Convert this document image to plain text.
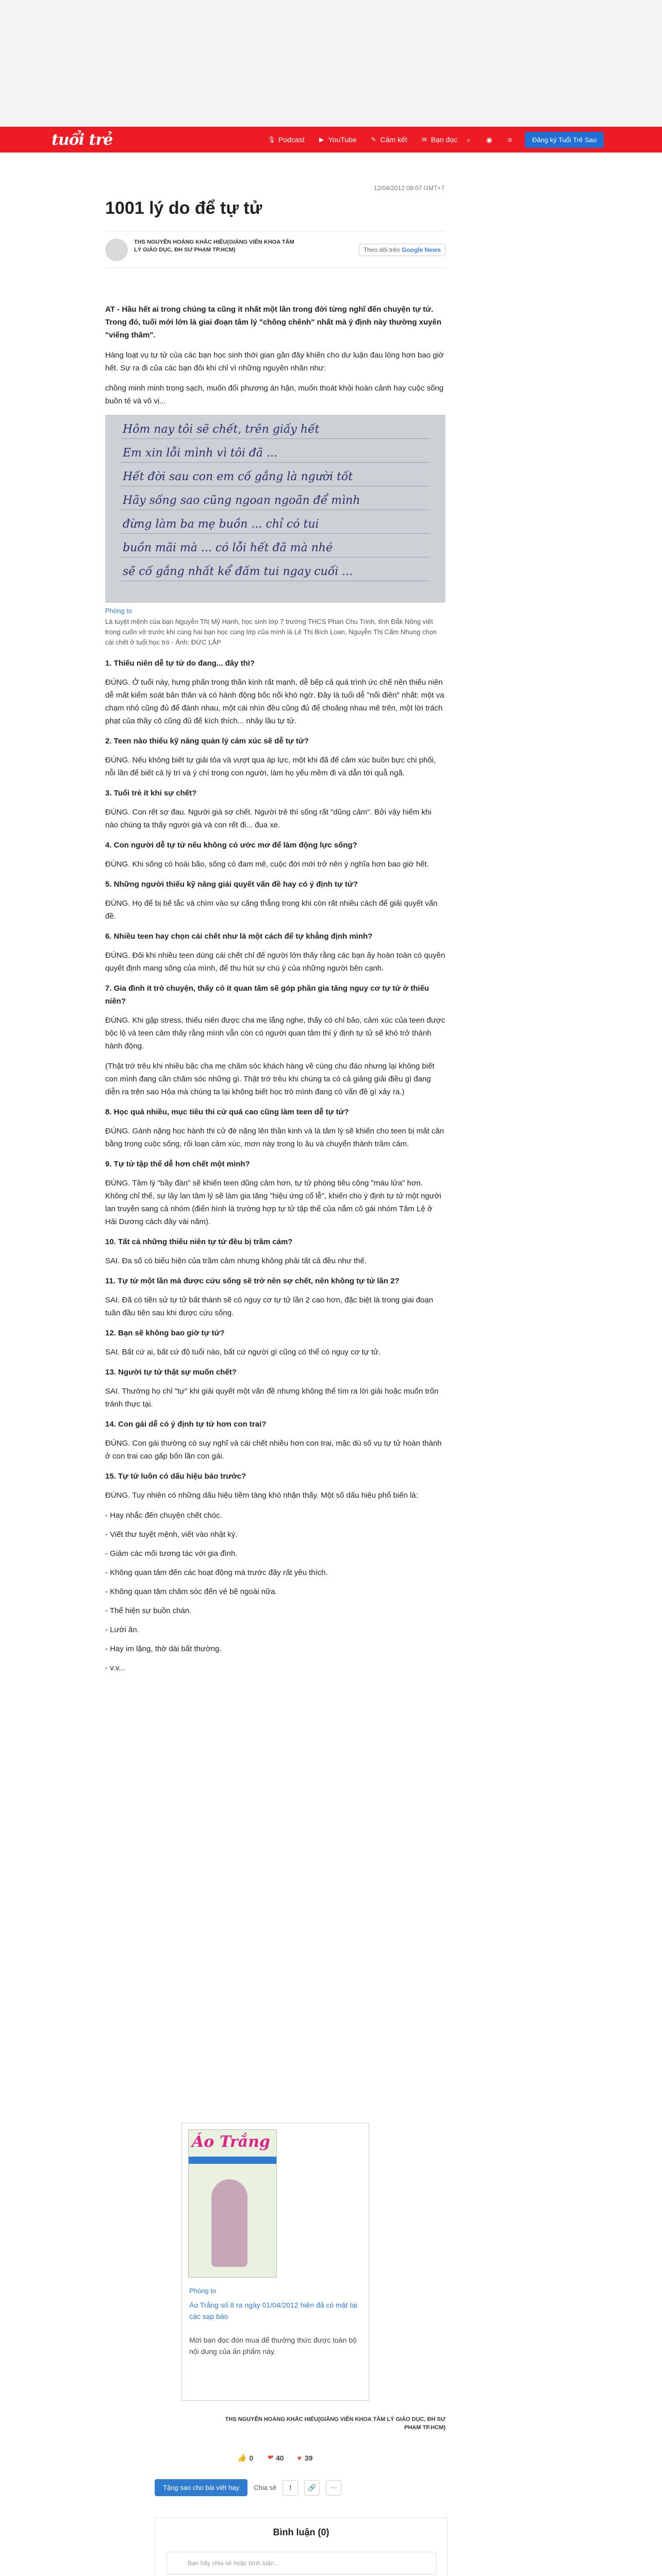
tuổi trẻ	🎙 Podcast ▶ YouTube ✎ Cảm kết ✉ Bạn đọc	⌕	◉	≡	Đăng ký Tuổi Trẻ Sao
12/04/2012 08:07 GMT+7
1001 lý do để tự tử
THS NGUYỄN HOÀNG KHẮC HIẾU(GIẢNG VIÊN KHOA TÂM LÝ GIÁO DỤC, ĐH SƯ PHẠM TP.HCM)	Theo dõi trên Google News

AT - Hầu hết ai trong chúng ta cũng ít nhất một lần trong đời từng nghĩ đến chuyện tự tử. Trong đó, tuổi mới lớn là giai đoạn tâm lý "chông chênh" nhất mà ý định này thường xuyên "viếng thăm".

Hàng loạt vụ tự tử của các bạn học sinh thời gian gần đây khiến cho dư luận đau lòng hơn bao giờ hết. Sự ra đi của các bạn đôi khi chỉ vì những nguyên nhân như:

chồng minh minh trong sạch, muốn đổi phương án hận, muốn thoát khỏi hoàn cảnh hay cuộc sống buồn tẻ và vô vị...

Hôm nay tôi sẽ chết, trên giấy hết
Em xin lỗi mình vì tôi đã ...
Hết đời sau con em cố gắng là người tốt
Hãy sống sao cũng ngoan ngoãn để mình
đừng làm ba mẹ buồn ... chỉ có tui
buồn mãi mà ... có lỗi hết đã mà nhé
sẽ cố gắng nhất kể đấm tui ngay cuối ...
Phóng to

Lá tuyệt mệnh của bạn Nguyễn Thị Mỹ Hạnh, học sinh lớp 7 trường THCS Phan Chu Trinh, tỉnh Đắk Nông viết trong cuốn vở trước khi cùng hai bạn học cùng lớp của mình là Lê Thị Bích Loan, Nguyễn Thị Cẩm Nhung chọn cái chết ở tuổi học trò - Ảnh: ĐỨC LẬP

1. Thiếu niên dễ tự tử do đang... đây thì?

ĐÚNG. Ở tuổi này, hưng phấn trong thần kinh rất mạnh, dễ bếp cả quá trình ức chế nên thiếu niên dễ mất kiểm soát bản thân và có hành động bốc nổi khó ngờ. Đây là tuổi dễ "nổi điên" nhất: một va chạm nhỏ cũng đủ để đánh nhau, một cái nhìn đều cũng đủ để choảng nhau mê trên, một lời trách phạt của thầy cô cũng đủ để kích thích... nhảy lầu tự tử.

2. Teen nào thiếu kỹ năng quản lý cảm xúc sẽ dễ tự tử?

ĐÚNG. Nếu không biết tự giải tỏa và vượt qua áp lực, một khi đã để cảm xúc buồn bực chi phối, nỗi lần để biết cả lý trí và ý chí trong con người, làm họ yếu mềm đi và dẫn tới quẫ ngã.

3. Tuổi trẻ ít khi sự chết?

ĐÚNG. Con rết sợ đau. Người già sợ chết. Người trẻ thì sống rất "dũng cảm". Bởi vậy hiếm khi nào chúng ta thấy người già và con rết đi... đua xe.

4. Con người dễ tự tử nếu không có ước mơ để làm động lực sống?

ĐÚNG. Khi sống có hoài bão, sống có đam mê, cuộc đời mới trở nên ý nghĩa hơn bao giờ hết.

5. Những người thiếu kỹ năng giải quyết vấn đề hay có ý định tự tử?

ĐÚNG. Họ để bị bế tắc và chìm vào sự căng thẳng trong khi còn rất nhiều cách để giải quyết vấn đề.

6. Nhiều teen hay chọn cái chết như là một cách để tự khẳng định mình?

ĐÚNG. Đôi khi nhiều teen dùng cái chết chỉ để người lớn thấy rằng các bạn ấy hoàn toàn có quyền quyết định mang sống của mình, để thu hút sự chú ý của những người bên cạnh.

7. Gia đình ít trò chuyện, thấy có ít quan tâm sẽ góp phần gia tăng nguy cơ tự tử ở thiếu niên?

ĐÚNG. Khi gặp stress, thiếu niên được cha mẹ lắng nghe, thấy có chỉ bảo, cảm xúc của teen được bộc lộ và teen cảm thấy rằng mình vẫn còn có người quan tâm thì ý định tự tử sẽ khó trở thành hành động.

(Thật trớ trêu khi nhiều bậc cha mẹ chăm sóc khách hàng về cùng chu đáo nhưng lại không biết con mình đang cần chăm sóc những gì. Thật trớ trêu khi chúng ta có cả giảng giải điều gì đang diễn ra trên sao Hỏa mà chúng ta lại không biết học trò mình đang có vấn đề gì xảy ra.)

8. Học quá nhiều, mục tiêu thi cử quá cao cũng làm teen dễ tự tử?

ĐÚNG. Gánh nặng học hành thi cử đè nặng lên thần kinh và là tâm lý sẽ khiến cho teen bị mất cân bằng trong cuộc sống, rối loạn cảm xúc, mơn này trong lo âu và chuyển thành trầm cảm.

9. Tự tử tập thể dễ hơn chết một mình?

ĐÚNG. Tâm lý "bầy đàn" sẽ khiến teen dũng cảm hơn, tự tử phóng tiêu cộng "máu lửa" hơn. Không chỉ thế, sự lây lan tâm lý sẽ làm gia tăng "hiệu ứng cổ lễ", khiến cho ý định tự tử một người lan truyền sang cả nhóm (điển hình là trường hợp tự tử tập thể của nắm cô gái nhóm Tâm Lệ ở Hải Dương cách đây vài năm).

10. Tất cả những thiếu niên tự tử đều bị trầm cảm?

SAI. Đa số có biểu hiện của trầm cảm nhưng không phải tất cả đều như thế.

11. Tự tử một lần mà được cứu sống sẽ trở nên sợ chết, nên không tự tử lần 2?

SAI. Đã có tiền sử tự tử bất thành sẽ có nguy cơ tự tử lần 2 cao hơn, đặc biệt là trong giai đoạn tuần đầu tiên sau khi được cứu sống.

12. Bạn sẽ không bao giờ tự tử?

SAI. Bất cứ ai, bất cứ độ tuổi nào, bất cứ người gì cũng có thể có nguy cơ tự tử.

13. Người tự tử thật sự muốn chết?

SAI. Thường họ chỉ "tự" khi giải quyết một vấn đề nhưng không thể tìm ra lời giải hoặc muốn trốn tránh thực tại.

14. Con gái dễ có ý định tự tử hơn con trai?

ĐÚNG. Con gái thường có suy nghĩ và cái chết nhiều hơn con trai, mặc dù số vụ tự tử hoàn thành ở con trai cao gấp bốn lần con gái.

15. Tự tử luôn có dấu hiệu báo trước?

ĐÚNG. Tuy nhiên có những dấu hiệu tiềm tàng khó nhận thấy. Một số dấu hiệu phổ biến là:

- Hay nhắc đến chuyện chết chóc.
- Viết thư tuyệt mệnh, viết vào nhật ký.
- Giảm các mối tương tác với gia đình.
- Không quan tâm đến các hoạt động mà trước đây rất yêu thích.
- Không quan tâm chăm sóc đến vẻ bề ngoài nữa.
- Thể hiện sự buồn chán.
- Lười ăn.
- Hay im lặng, thờ dài bất thường.
- v.v...
Áo Trắng
Phóng to
Áo Trắng số 8 ra ngày 01/04/2012 hiện đã có mặt tại các sạp báo
Mời bạn đọc đón mua để thưởng thức được toàn bộ nội dung của ấn phẩm này.
THS NGUYỄN HOÀNG KHẮC HIẾU(GIẢNG VIÊN KHOA TÂM LÝ GIÁO DỤC, ĐH SƯ PHẠM TP.HCM)
👍 0 ❤ 40 ♥ 39
Tặng sao cho bài viết hay	Chia sẻ	f	🔗	⋯
Bình luận (0)
Bạn hãy chia sẻ hoặc bình luận...
